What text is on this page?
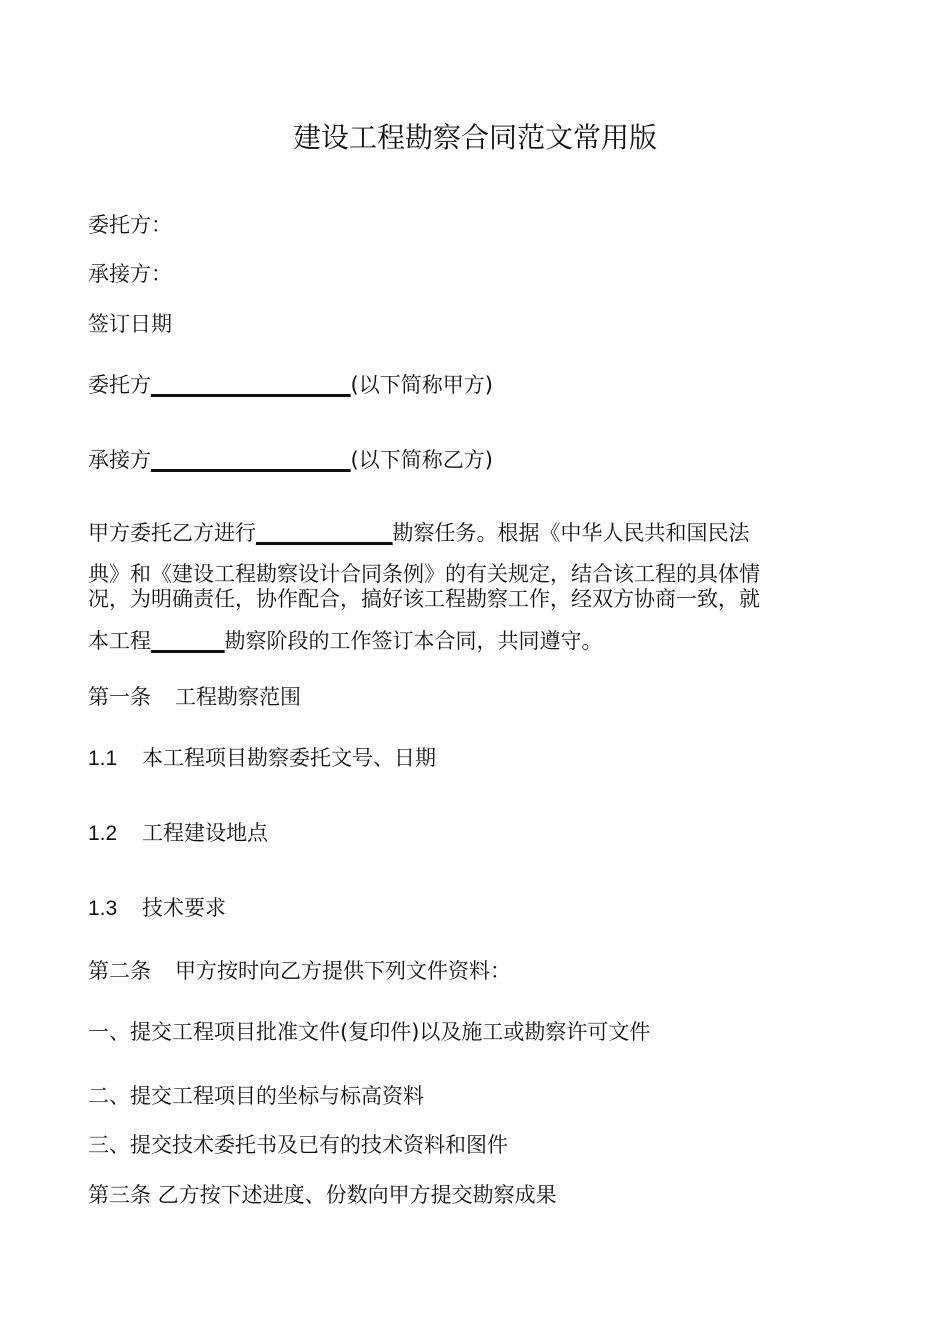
建设工程勘察合同范文常用版
委托方：
承接方：
签订日期
委托方___________________(以下简称甲方)
承接方___________________(以下简称乙方)
甲方委托乙方进行_____________勘察任务。根据《中华人民共和国民法
典》和《建设工程勘察设计合同条例》的有关规定，结合该工程的具体情
况，为明确责任，协作配合，搞好该工程勘察工作，经双方协商一致，就
本工程_______勘察阶段的工作签订本合同，共同遵守。
第一条 工程勘察范围
1.1 本工程项目勘察委托文号、日期
1.2 工程建设地点
1.3 技术要求
第二条 甲方按时向乙方提供下列文件资料：
一、提交工程项目批准文件(复印件)以及施工或勘察许可文件
二、提交工程项目的坐标与标高资料
三、提交技术委托书及已有的技术资料和图件
第三条 乙方按下述进度、份数向甲方提交勘察成果
